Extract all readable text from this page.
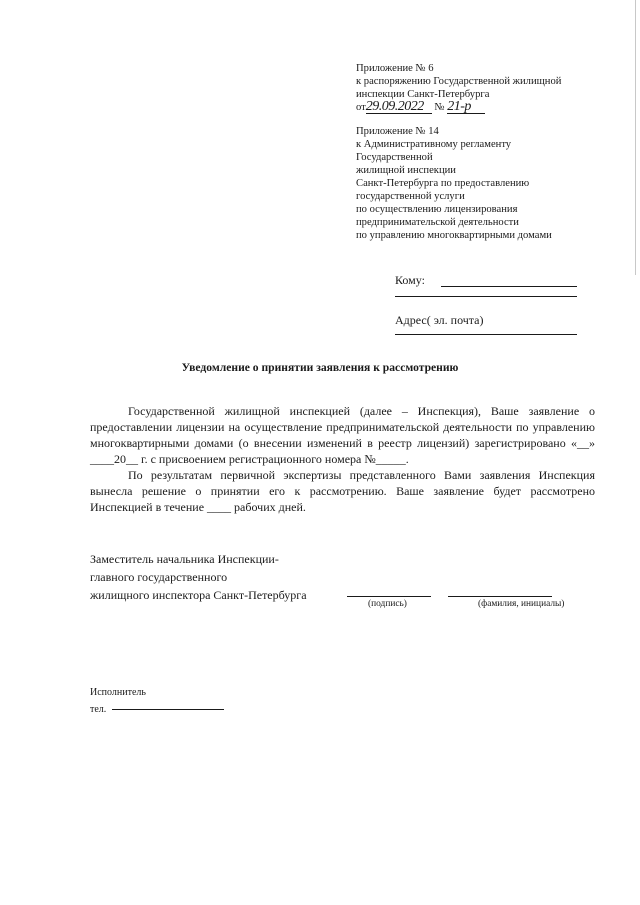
Приложение № 6
к распоряжению Государственной жилищной
инспекции Санкт-Петербурга
от29.09.2022 № 21-р
Приложение № 14
к Административному регламенту
Государственной
жилищной инспекции
Санкт-Петербурга по предоставлению
государственной услуги
по осуществлению лицензирования
предпринимательской деятельности
по управлению многоквартирными домами
Кому:
Адрес( эл. почта)
Уведомление о принятии заявления к рассмотрению

Государственной жилищной инспекцией (далее – Инспекция), Ваше заявление о предоставлении лицензии на осуществление предпринимательской деятельности по управлению многоквартирными домами (о внесении изменений в реестр лицензий) зарегистрировано «__» ____20__ г. с присвоением регистрационного номера №_____.

По результатам первичной экспертизы представленного Вами заявления Инспекция вынесла решение о принятии его к рассмотрению. Ваше заявление будет рассмотрено Инспекцией в течение ____ рабочих дней.

Заместитель начальника Инспекции-
главного государственного
жилищного инспектора Санкт-Петербурга
(подпись)	(фамилия, инициалы)
Исполнитель
тел.
